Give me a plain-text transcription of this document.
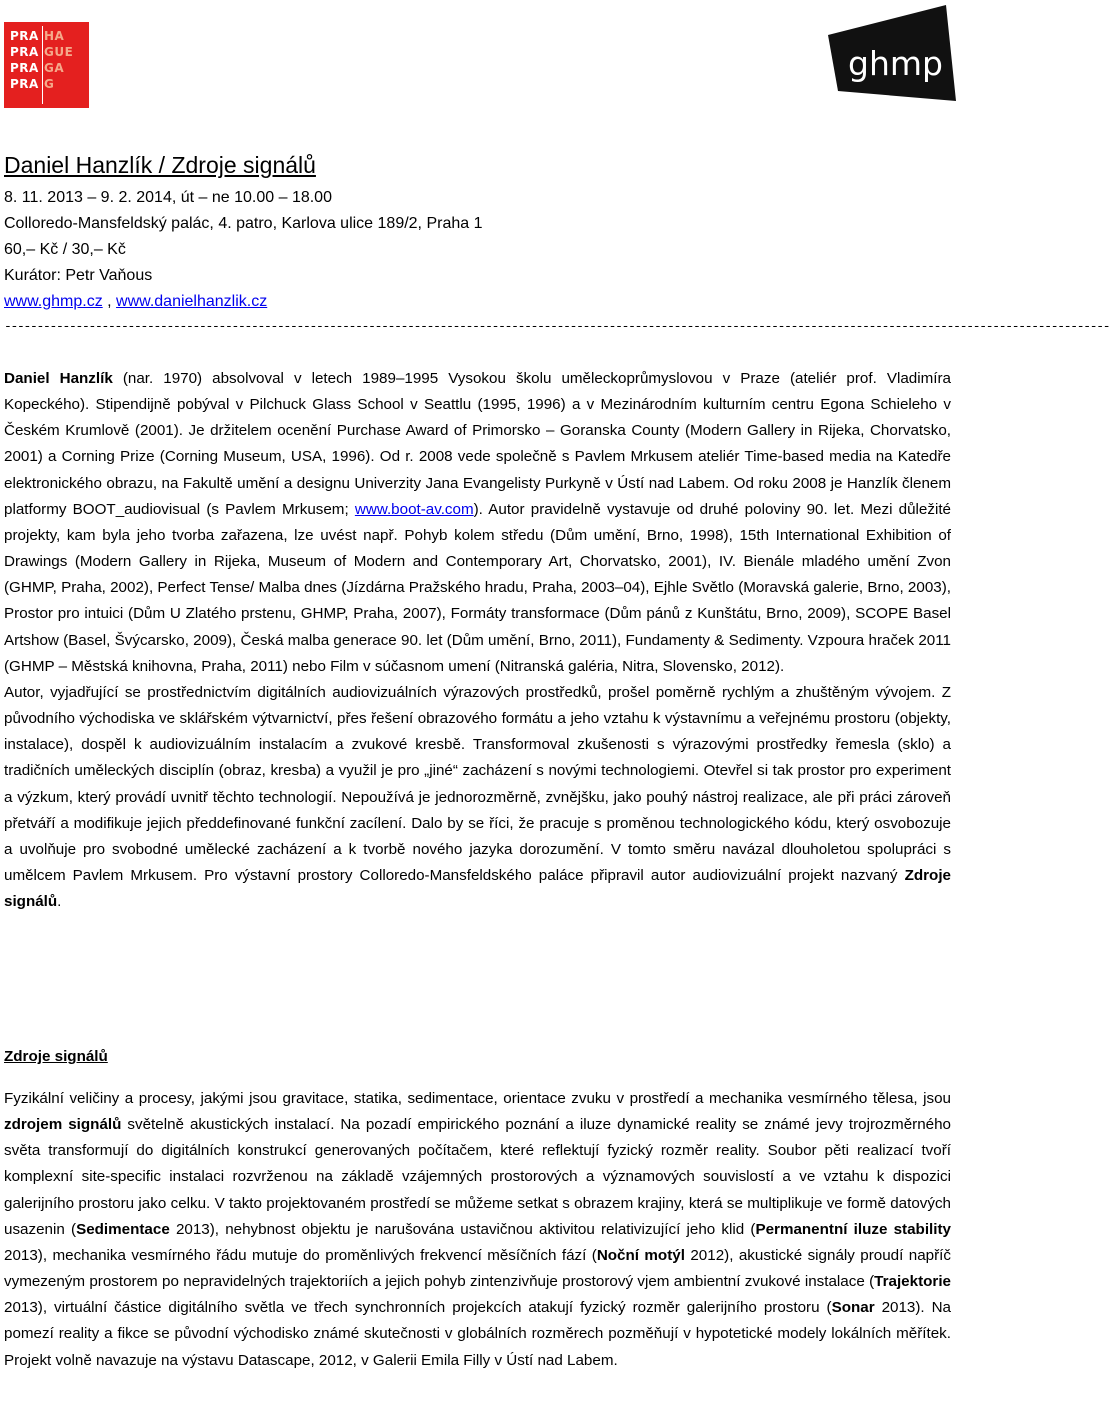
PRA HA
PRA GUE
PRA GA
PRA G
ghmp
Daniel Hanzlík / Zdroje signálů
8. 11. 2013 – 9. 2. 2014, út – ne 10.00 – 18.00
Colloredo-Mansfeldský palác, 4. patro, Karlova ulice 189/2, Praha 1
60,– Kč / 30,– Kč
Kurátor: Petr Vaňous
www.ghmp.cz , www.danielhanzlik.cz
--------------------------------------------------------------------------------------------------------------------------------------------------------------------------

Daniel Hanzlík (nar. 1970) absolvoval v letech 1989–1995 Vysokou školu uměleckoprůmyslovou v Praze (ateliér prof. Vladimíra Kopeckého). Stipendijně pobýval v Pilchuck Glass School v Seattlu (1995, 1996) a v Mezinárodním kulturním centru Egona Schieleho v Českém Krumlově (2001). Je držitelem ocenění Purchase Award of Primorsko – Goranska County (Modern Gallery in Rijeka, Chorvatsko, 2001) a Corning Prize (Corning Museum, USA, 1996). Od r. 2008 vede společně s Pavlem Mrkusem ateliér Time-based media na Katedře elektronického obrazu, na Fakultě umění a designu Univerzity Jana Evangelisty Purkyně v Ústí nad Labem. Od roku 2008 je Hanzlík členem platformy BOOT_audiovisual (s Pavlem Mrkusem; www.boot-av.com). Autor pravidelně vystavuje od druhé poloviny 90. let. Mezi důležité projekty, kam byla jeho tvorba zařazena, lze uvést např. Pohyb kolem středu (Dům umění, Brno, 1998), 15th International Exhibition of Drawings (Modern Gallery in Rijeka, Museum of Modern and Contemporary Art, Chorvatsko, 2001), IV. Bienále mladého umění Zvon (GHMP, Praha, 2002), Perfect Tense/ Malba dnes (Jízdárna Pražského hradu, Praha, 2003–04), Ejhle Světlo (Moravská galerie, Brno, 2003), Prostor pro intuici (Dům U Zlatého prstenu, GHMP, Praha, 2007), Formáty transformace (Dům pánů z Kunštátu, Brno, 2009), SCOPE Basel Artshow (Basel, Švýcarsko, 2009), Česká malba generace 90. let (Dům umění, Brno, 2011), Fundamenty & Sedimenty. Vzpoura hraček 2011 (GHMP – Městská knihovna, Praha, 2011) nebo Film v súčasnom umení (Nitranská galéria, Nitra, Slovensko, 2012).

Autor, vyjadřující se prostřednictvím digitálních audiovizuálních výrazových prostředků, prošel poměrně rychlým a zhuštěným vývojem. Z původního východiska ve sklářském výtvarnictví, přes řešení obrazového formátu a jeho vztahu k výstavnímu a veřejnému prostoru (objekty, instalace), dospěl k audiovizuálním instalacím a zvukové kresbě. Transformoval zkušenosti s výrazovými prostředky řemesla (sklo) a tradičních uměleckých disciplín (obraz, kresba) a využil je pro „jiné“ zacházení s novými technologiemi. Otevřel si tak prostor pro experiment a výzkum, který provádí uvnitř těchto technologií. Nepoužívá je jednorozměrně, zvnějšku, jako pouhý nástroj realizace, ale při práci zároveň přetváří a modifikuje jejich předdefinované funkční zacílení. Dalo by se říci, že pracuje s proměnou technologického kódu, který osvobozuje a uvolňuje pro svobodné umělecké zacházení a k tvorbě nového jazyka dorozumění. V tomto směru navázal dlouholetou spolupráci s umělcem Pavlem Mrkusem. Pro výstavní prostory Colloredo-Mansfeldského paláce připravil autor audiovizuální projekt nazvaný Zdroje signálů.

Zdroje signálů

Fyzikální veličiny a procesy, jakými jsou gravitace, statika, sedimentace, orientace zvuku v prostředí a mechanika vesmírného tělesa, jsou zdrojem signálů světelně akustických instalací. Na pozadí empirického poznání a iluze dynamické reality se známé jevy trojrozměrného světa transformují do digitálních konstrukcí generovaných počítačem, které reflektují fyzický rozměr reality. Soubor pěti realizací tvoří komplexní site-specific instalaci rozvrženou na základě vzájemných prostorových a významových souvislostí a ve vztahu k dispozici galerijního prostoru jako celku. V takto projektovaném prostředí se můžeme setkat s obrazem krajiny, která se multiplikuje ve formě datových usazenin (Sedimentace 2013), nehybnost objektu je narušována ustavičnou aktivitou relativizující jeho klid (Permanentní iluze stability 2013), mechanika vesmírného řádu mutuje do proměnlivých frekvencí měsíčních fází (Noční motýl 2012), akustické signály proudí napříč vymezeným prostorem po nepravidelných trajektoriích a jejich pohyb zintenzivňuje prostorový vjem ambientní zvukové instalace (Trajektorie 2013), virtuální částice digitálního světla ve třech synchronních projekcích atakují fyzický rozměr galerijního prostoru (Sonar 2013). Na pomezí reality a fikce se původní východisko známé skutečnosti v globálních rozměrech pozměňují v hypotetické modely lokálních měřítek. Projekt volně navazuje na výstavu Datascape, 2012, v Galerii Emila Filly v Ústí nad Labem.
